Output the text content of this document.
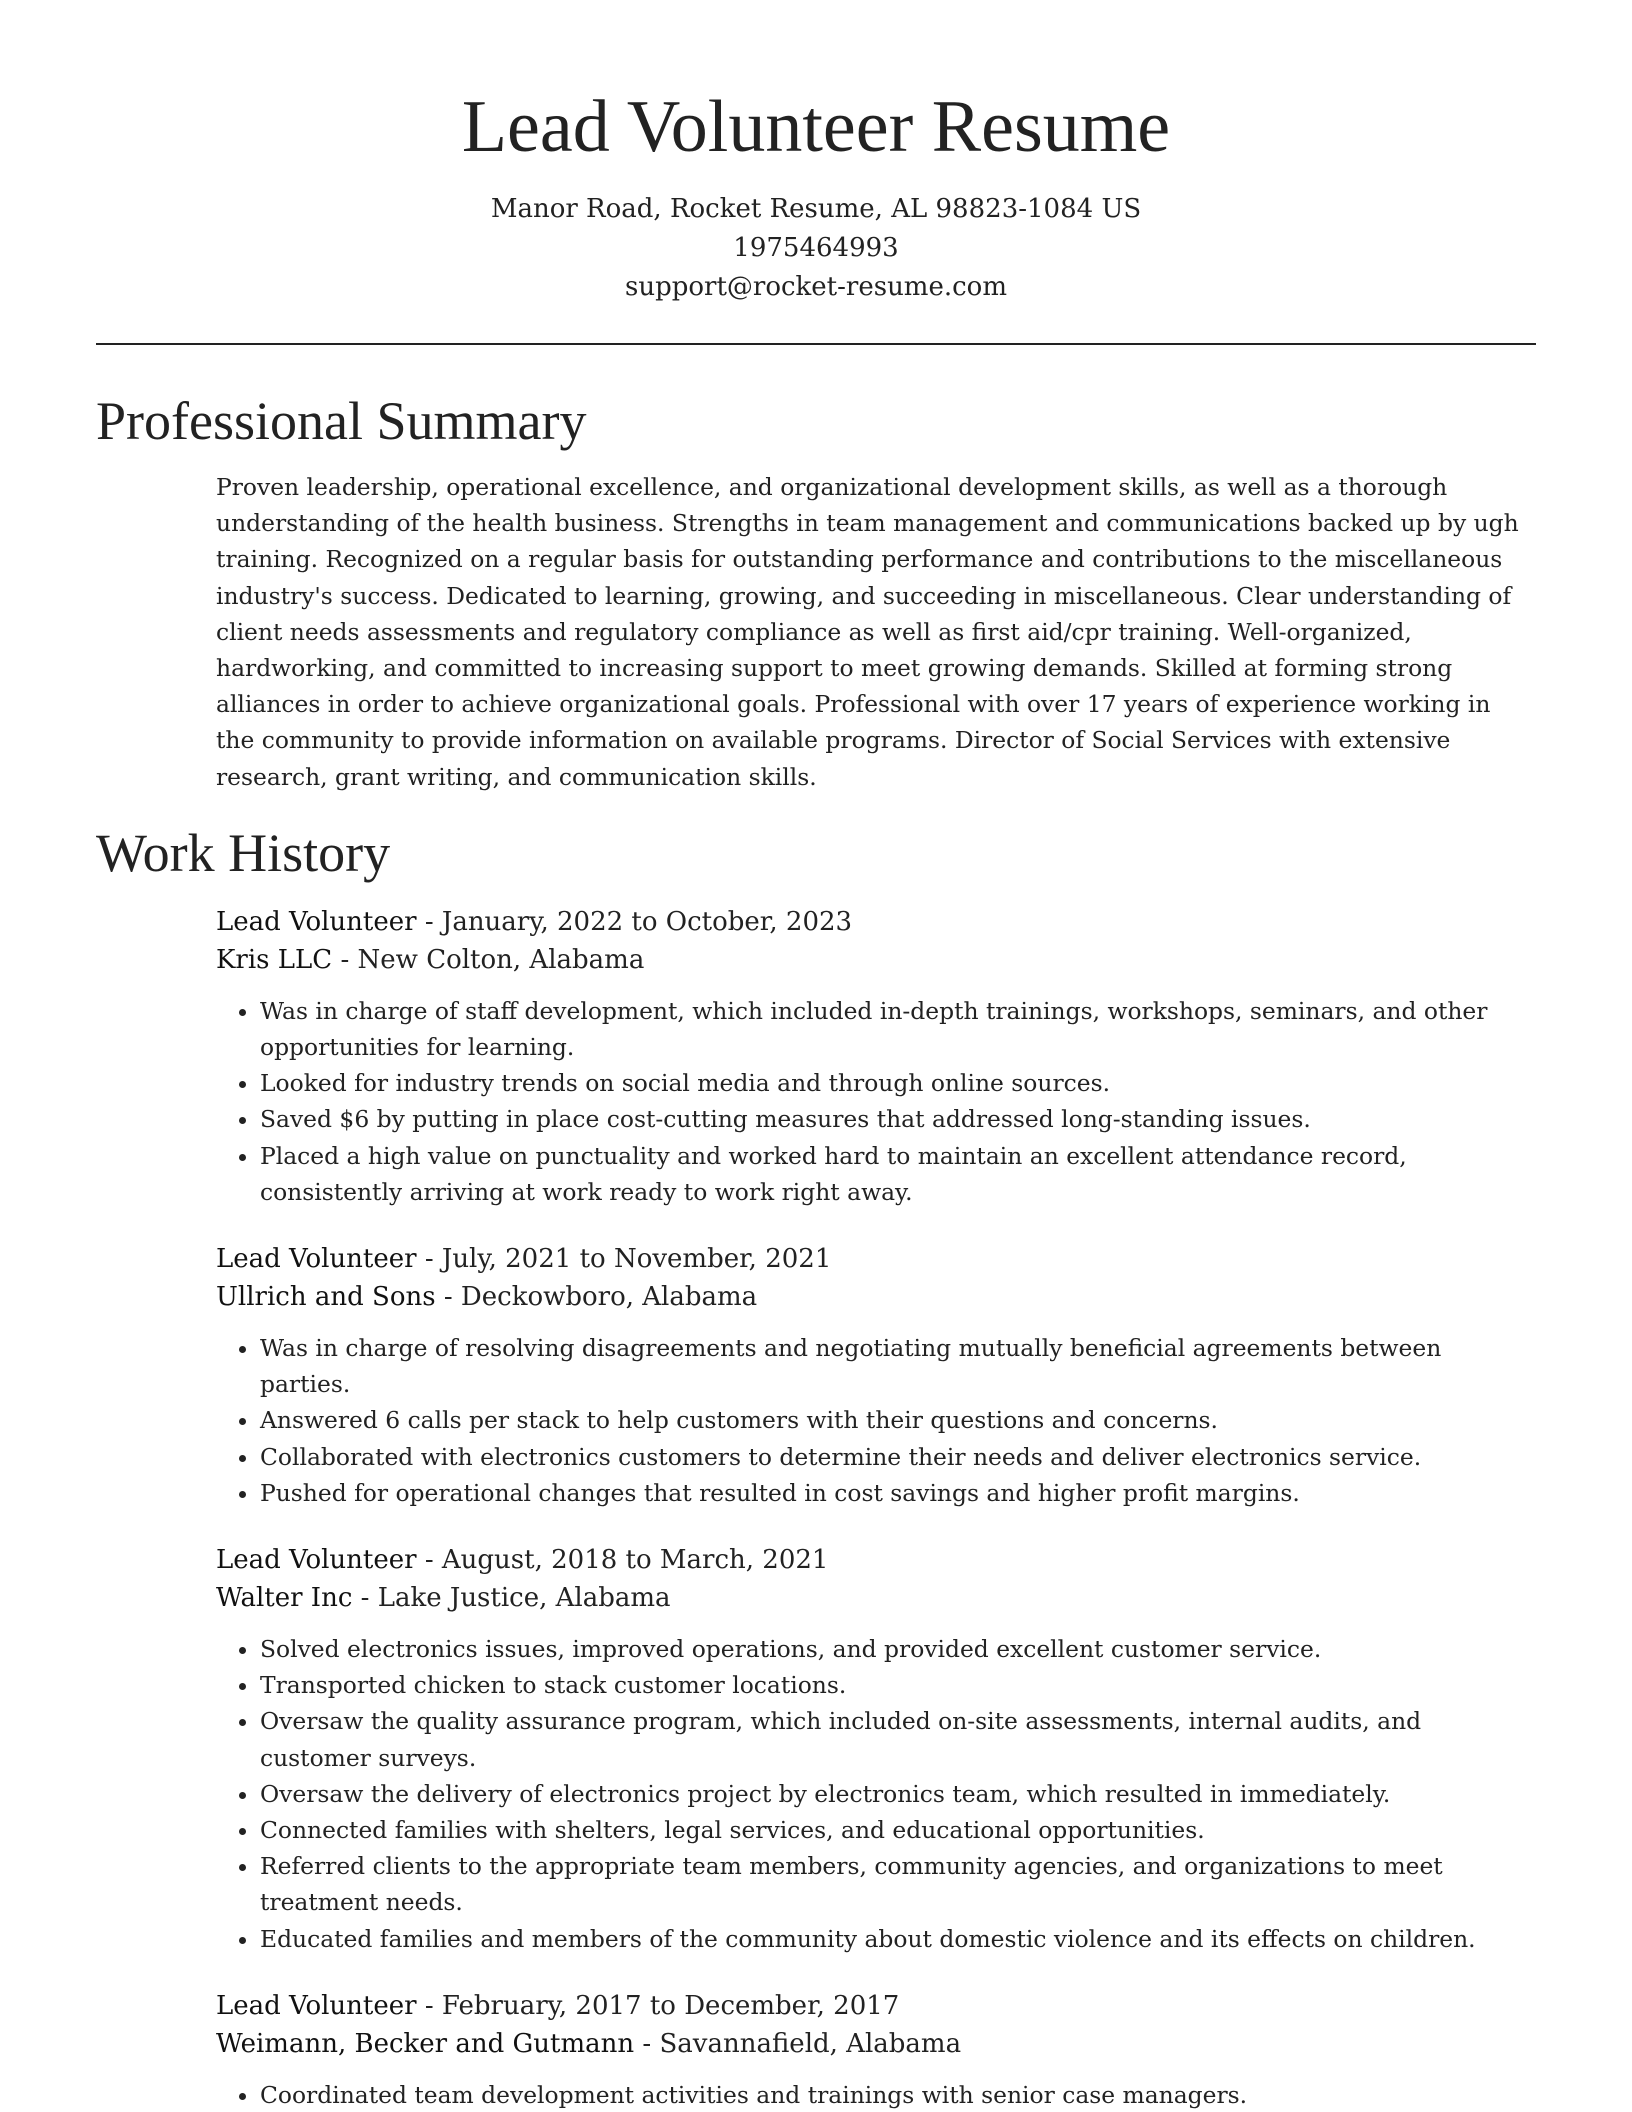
Lead Volunteer Resume
Manor Road, Rocket Resume, AL 98823-1084 US
1975464993
support@rocket-resume.com
Professional Summary

Proven leadership, operational excellence, and organizational development skills, as well as a thorough understanding of the health business. Strengths in team management and communications backed up by ugh training. Recognized on a regular basis for outstanding performance and contributions to the miscellaneous industry's success. Dedicated to learning, growing, and succeeding in miscellaneous. Clear understanding of client needs assessments and regulatory compliance as well as first aid/cpr training. Well-organized, hardworking, and committed to increasing support to meet growing demands. Skilled at forming strong alliances in order to achieve organizational goals. Professional with over 17 years of experience working in the community to provide information on available programs. Director of Social Services with extensive research, grant writing, and communication skills.

Work History
Lead Volunteer - January, 2022 to October, 2023
Kris LLC - New Colton, Alabama
• Was in charge of staff development, which included in-depth trainings, workshops, seminars, and other opportunities for learning.
• Looked for industry trends on social media and through online sources.
• Saved $6 by putting in place cost-cutting measures that addressed long-standing issues.
• Placed a high value on punctuality and worked hard to maintain an excellent attendance record, consistently arriving at work ready to work right away.
Lead Volunteer - July, 2021 to November, 2021
Ullrich and Sons - Deckowboro, Alabama
• Was in charge of resolving disagreements and negotiating mutually beneficial agreements between parties.
• Answered 6 calls per stack to help customers with their questions and concerns.
• Collaborated with electronics customers to determine their needs and deliver electronics service.
• Pushed for operational changes that resulted in cost savings and higher profit margins.
Lead Volunteer - August, 2018 to March, 2021
Walter Inc - Lake Justice, Alabama
• Solved electronics issues, improved operations, and provided excellent customer service.
• Transported chicken to stack customer locations.
• Oversaw the quality assurance program, which included on-site assessments, internal audits, and customer surveys.
• Oversaw the delivery of electronics project by electronics team, which resulted in immediately.
• Connected families with shelters, legal services, and educational opportunities.
• Referred clients to the appropriate team members, community agencies, and organizations to meet treatment needs.
• Educated families and members of the community about domestic violence and its effects on children.
Lead Volunteer - February, 2017 to December, 2017
Weimann, Becker and Gutmann - Savannafield, Alabama
• Coordinated team development activities and trainings with senior case managers.
